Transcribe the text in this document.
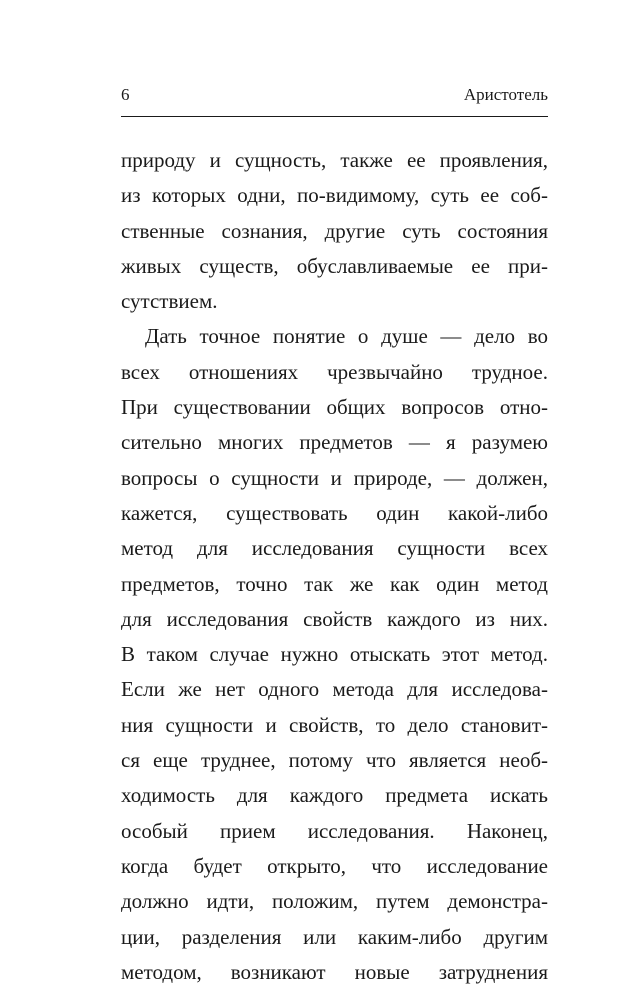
6	Аристотель
природу и сущность, также ее проявления,
из которых одни, по-видимому, суть ее соб-
ственные сознания, другие суть состояния
живых существ, обуславливаемые ее при-
сутствием.
Дать точное понятие о душе — дело во
всех отношениях чрезвычайно трудное.
При существовании общих вопросов отно-
сительно многих предметов — я разумею
вопросы о сущности и природе, — должен,
кажется, существовать один какой-либо
метод для исследования сущности всех
предметов, точно так же как один метод
для исследования свойств каждого из них.
В таком случае нужно отыскать этот метод.
Если же нет одного метода для исследова-
ния сущности и свойств, то дело становит-
ся еще труднее, потому что является необ-
ходимость для каждого предмета искать
особый прием исследования. Наконец,
когда будет открыто, что исследование
должно идти, положим, путем демонстра-
ции, разделения или каким-либо другим
методом, возникают новые затруднения
